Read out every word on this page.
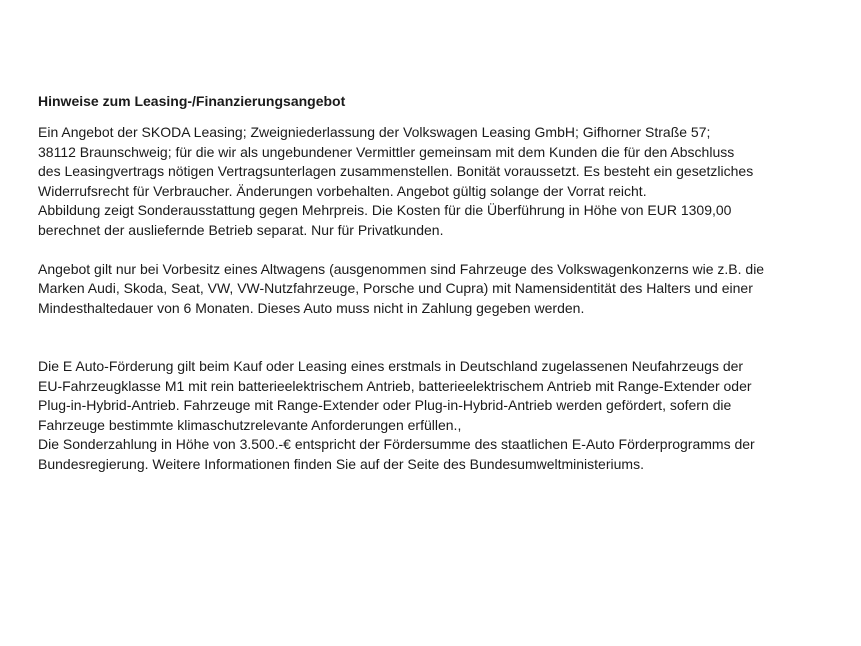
Hinweise zum Leasing-/Finanzierungsangebot

Ein Angebot der SKODA Leasing; Zweigniederlassung der Volkswagen Leasing GmbH; Gifhorner Straße 57;
38112 Braunschweig; für die wir als ungebundener Vermittler gemeinsam mit dem Kunden die für den Abschluss
des Leasingvertrags nötigen Vertragsunterlagen zusammenstellen. Bonität voraussetzt. Es besteht ein gesetzliches
Widerrufsrecht für Verbraucher. Änderungen vorbehalten. Angebot gültig solange der Vorrat reicht.
Abbildung zeigt Sonderausstattung gegen Mehrpreis. Die Kosten für die Überführung in Höhe von EUR 1309,00
berechnet der ausliefernde Betrieb separat. Nur für Privatkunden.

Angebot gilt nur bei Vorbesitz eines Altwagens (ausgenommen sind Fahrzeuge des Volkswagenkonzerns wie z.B. die
Marken Audi, Skoda, Seat, VW, VW-Nutzfahrzeuge, Porsche und Cupra) mit Namensidentität des Halters und einer
Mindesthaltedauer von 6 Monaten. Dieses Auto muss nicht in Zahlung gegeben werden.

Die E Auto-Förderung gilt beim Kauf oder Leasing eines erstmals in Deutschland zugelassenen Neufahrzeugs der
EU-Fahrzeugklasse M1 mit rein batterieelektrischem Antrieb, batterieelektrischem Antrieb mit Range-Extender oder
Plug-in-Hybrid-Antrieb. Fahrzeuge mit Range-Extender oder Plug-in-Hybrid-Antrieb werden gefördert, sofern die
Fahrzeuge bestimmte klimaschutzrelevante Anforderungen erfüllen.,
Die Sonderzahlung in Höhe von 3.500.-€ entspricht der Fördersumme des staatlichen E-Auto Förderprogramms der
Bundesregierung. Weitere Informationen finden Sie auf der Seite des Bundesumweltministeriums.
